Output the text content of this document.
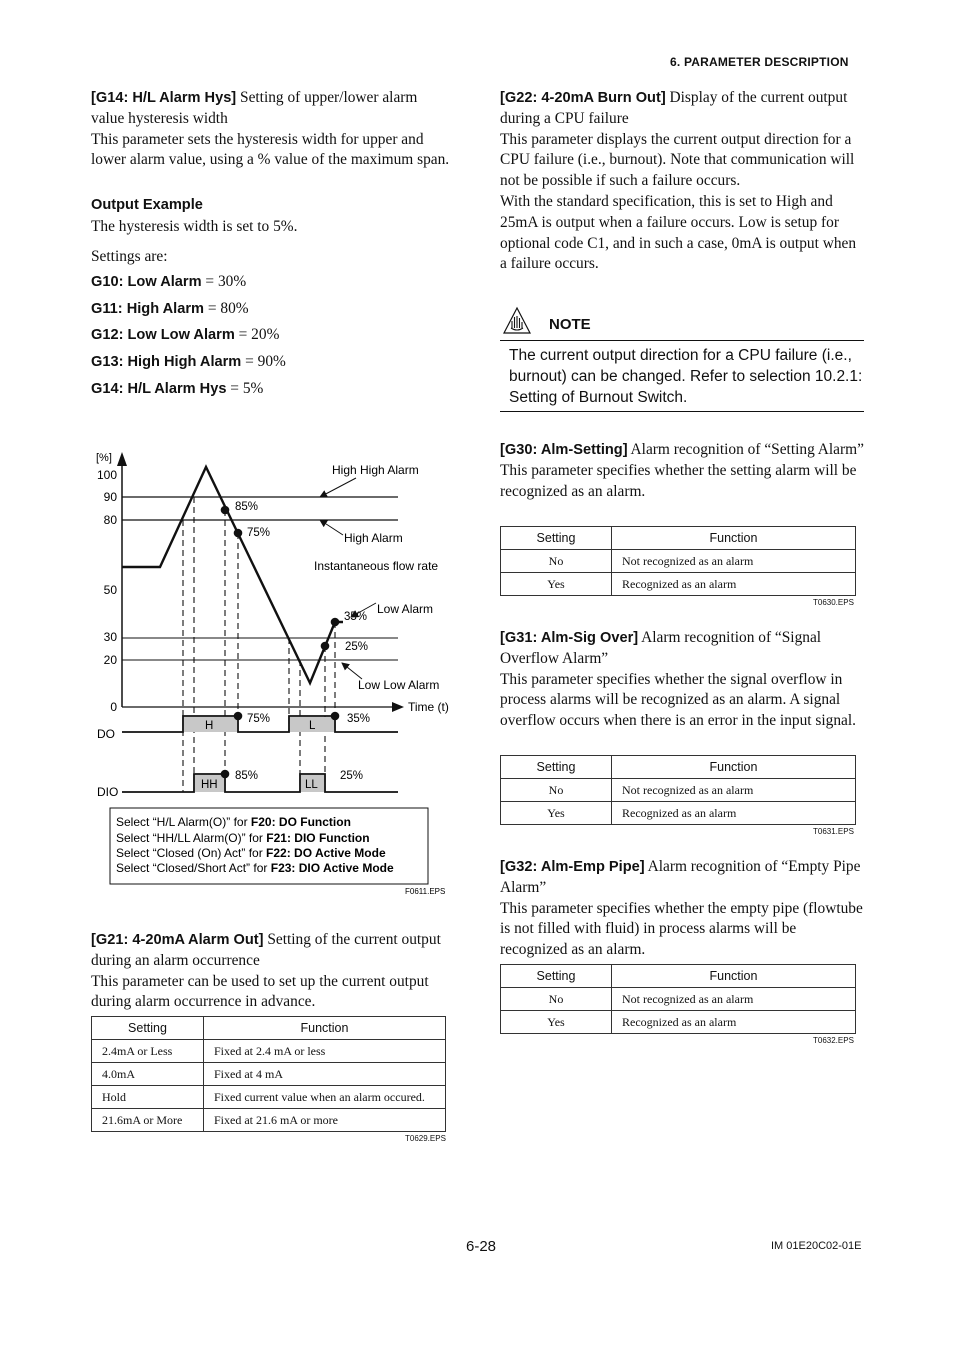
6. PARAMETER DESCRIPTION

[G14: H/L Alarm Hys] Setting of upper/lower alarm value hysteresis width
This parameter sets the hysteresis width for upper and lower alarm value, using a % value of the maximum span.

Output Example
The hysteresis width is set to 5%.
Settings are:
G10: Low Alarm = 30%
G11: High Alarm = 80%
G12: Low Low Alarm = 20%
G13: High High Alarm = 90%
G14: H/L Alarm Hys = 5%
[%]
100
90
80
50
30
20
0
85%
75%
35%
25%
High High Alarm
High Alarm
Instantaneous flow rate
Low Alarm
Low Low Alarm
Time (t)
DO
H	L
75%	35%
DIO	HH	LL
85%	25%
Select “H/L Alarm(O)” for F20: DO Function
Select “HH/LL Alarm(O)” for F21: DIO Function
Select “Closed (On) Act” for F22: DO Active Mode
Select “Closed/Short Act” for F23: DIO Active Mode
F0611.EPS

[G21: 4-20mA Alarm Out] Setting of the current output during an alarm occurrence
This parameter can be used to set up the current output during alarm occurrence in advance.

Setting	Function
2.4mA or Less	Fixed at 2.4 mA or less
4.0mA	Fixed at 4 mA
Hold	Fixed current value when an alarm occured.
21.6mA or More	Fixed at 21.6 mA or more
T0629.EPS

[G22: 4-20mA Burn Out] Display of the current output during a CPU failure
This parameter displays the current output direction for a CPU failure (i.e., burnout). Note that communication will not be possible if such a failure occurs.
With the standard specification, this is set to High and 25mA is output when a failure occurs. Low is setup for optional code C1, and in such a case, 0mA is output when a failure occurs.

NOTE
The current output direction for a CPU failure (i.e., burnout) can be changed. Refer to selection 10.2.1: Setting of Burnout Switch.

[G30: Alm-Setting] Alarm recognition of “Setting Alarm”
This parameter specifies whether the setting alarm will be recognized as an alarm.

Setting	Function
No	Not recognized as an alarm
Yes	Recognized as an alarm
T0630.EPS

[G31: Alm-Sig Over] Alarm recognition of “Signal Overflow Alarm”
This parameter specifies whether the signal overflow in process alarms will be recognized as an alarm. A signal overflow occurs when there is an error in the input signal.

Setting	Function
No	Not recognized as an alarm
Yes	Recognized as an alarm
T0631.EPS

[G32: Alm-Emp Pipe] Alarm recognition of “Empty Pipe Alarm”
This parameter specifies whether the empty pipe (flowtube is not filled with fluid) in process alarms will be recognized as an alarm.

Setting	Function
No	Not recognized as an alarm
Yes	Recognized as an alarm
T0632.EPS
6-28	IM 01E20C02-01E
